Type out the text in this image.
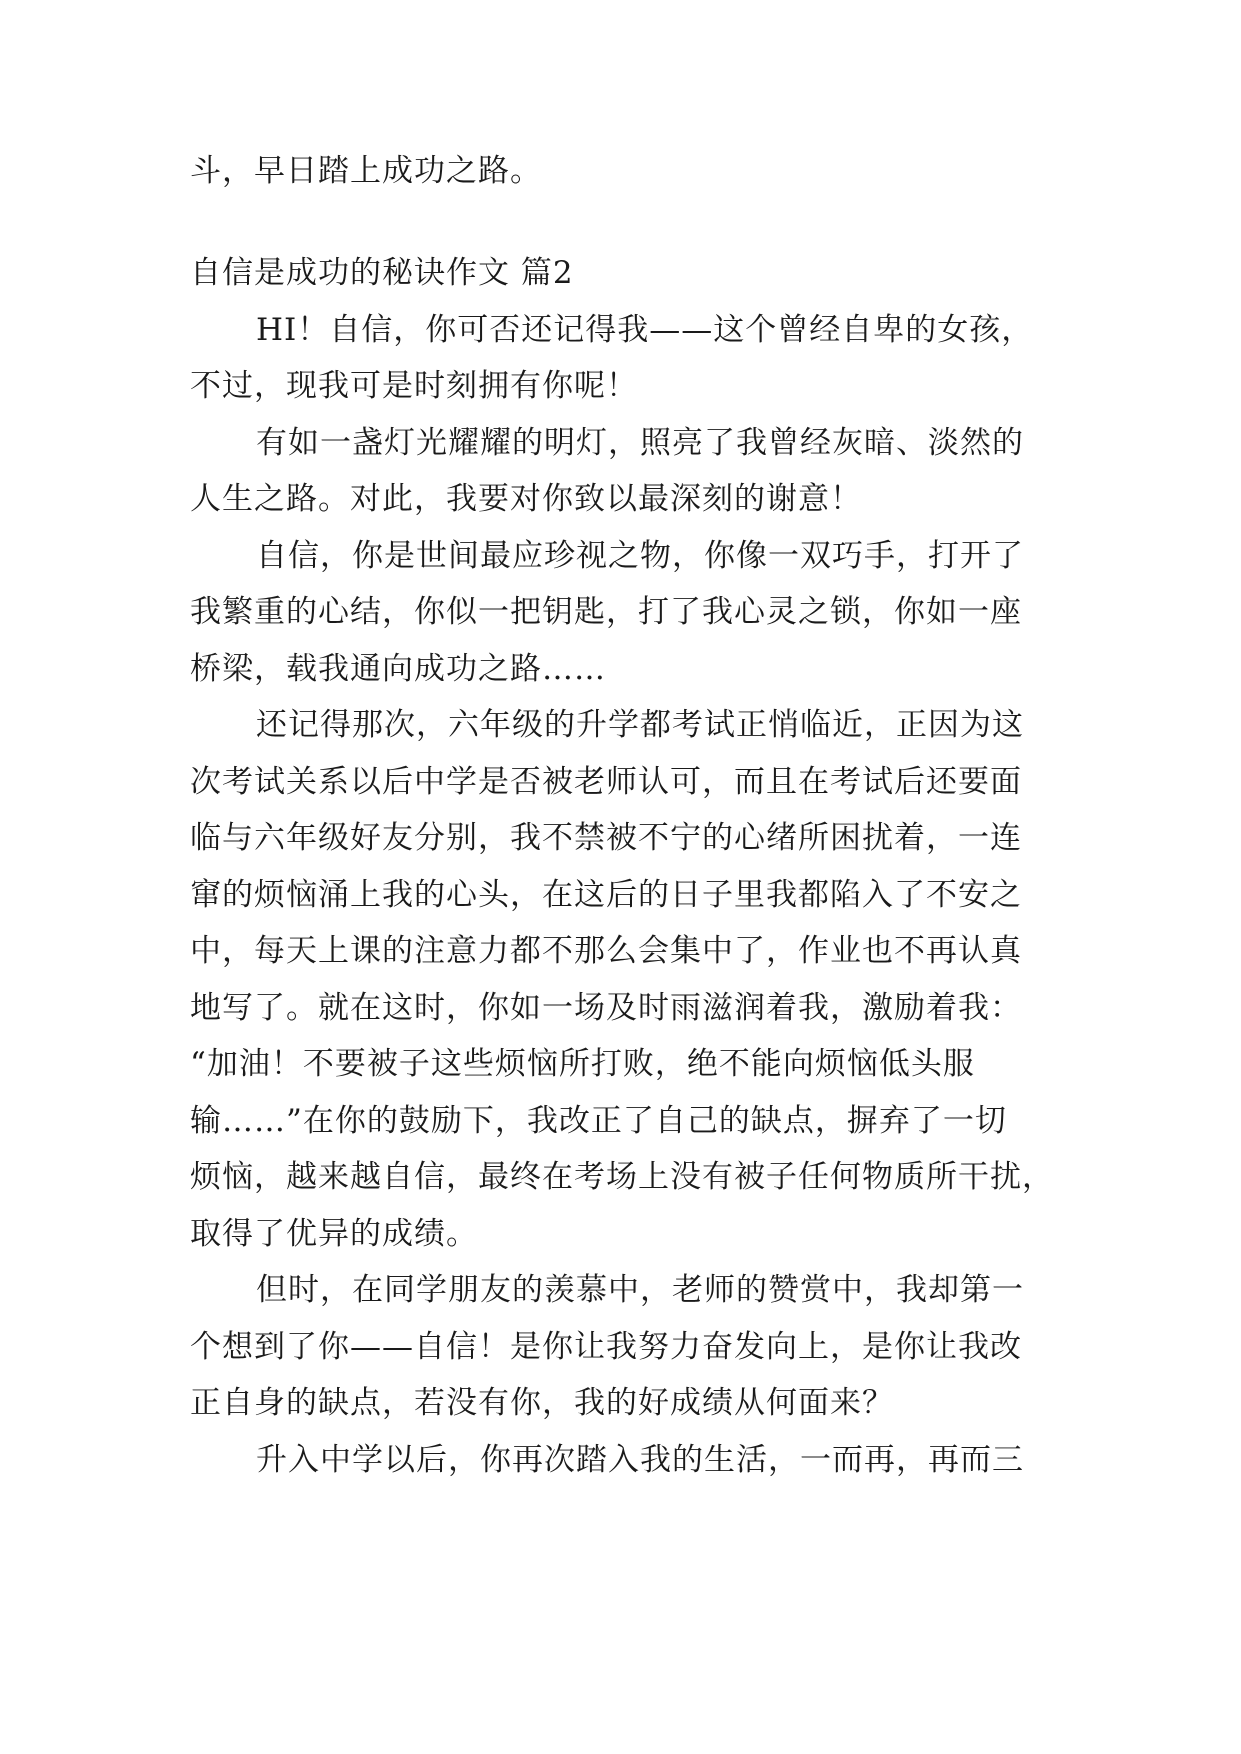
斗，早日踏上成功之路。
自信是成功的秘诀作文 篇2
HI！自信，你可否还记得我——这个曾经自卑的女孩，
不过，现我可是时刻拥有你呢！
有如一盏灯光耀耀的明灯，照亮了我曾经灰暗、淡然的
人生之路。对此，我要对你致以最深刻的谢意！
自信，你是世间最应珍视之物，你像一双巧手，打开了
我繁重的心结，你似一把钥匙，打了我心灵之锁，你如一座
桥梁，载我通向成功之路……
还记得那次，六年级的升学都考试正悄临近，正因为这
次考试关系以后中学是否被老师认可，而且在考试后还要面
临与六年级好友分别，我不禁被不宁的心绪所困扰着，一连
窜的烦恼涌上我的心头，在这后的日子里我都陷入了不安之
中，每天上课的注意力都不那么会集中了，作业也不再认真
地写了。就在这时，你如一场及时雨滋润着我，激励着我：
“加油！不要被子这些烦恼所打败，绝不能向烦恼低头服
输……”在你的鼓励下，我改正了自己的缺点，摒弃了一切
烦恼，越来越自信，最终在考场上没有被子任何物质所干扰，
取得了优异的成绩。
但时，在同学朋友的羡慕中，老师的赞赏中，我却第一
个想到了你——自信！是你让我努力奋发向上，是你让我改
正自身的缺点，若没有你，我的好成绩从何面来？
升入中学以后，你再次踏入我的生活，一而再，再而三
